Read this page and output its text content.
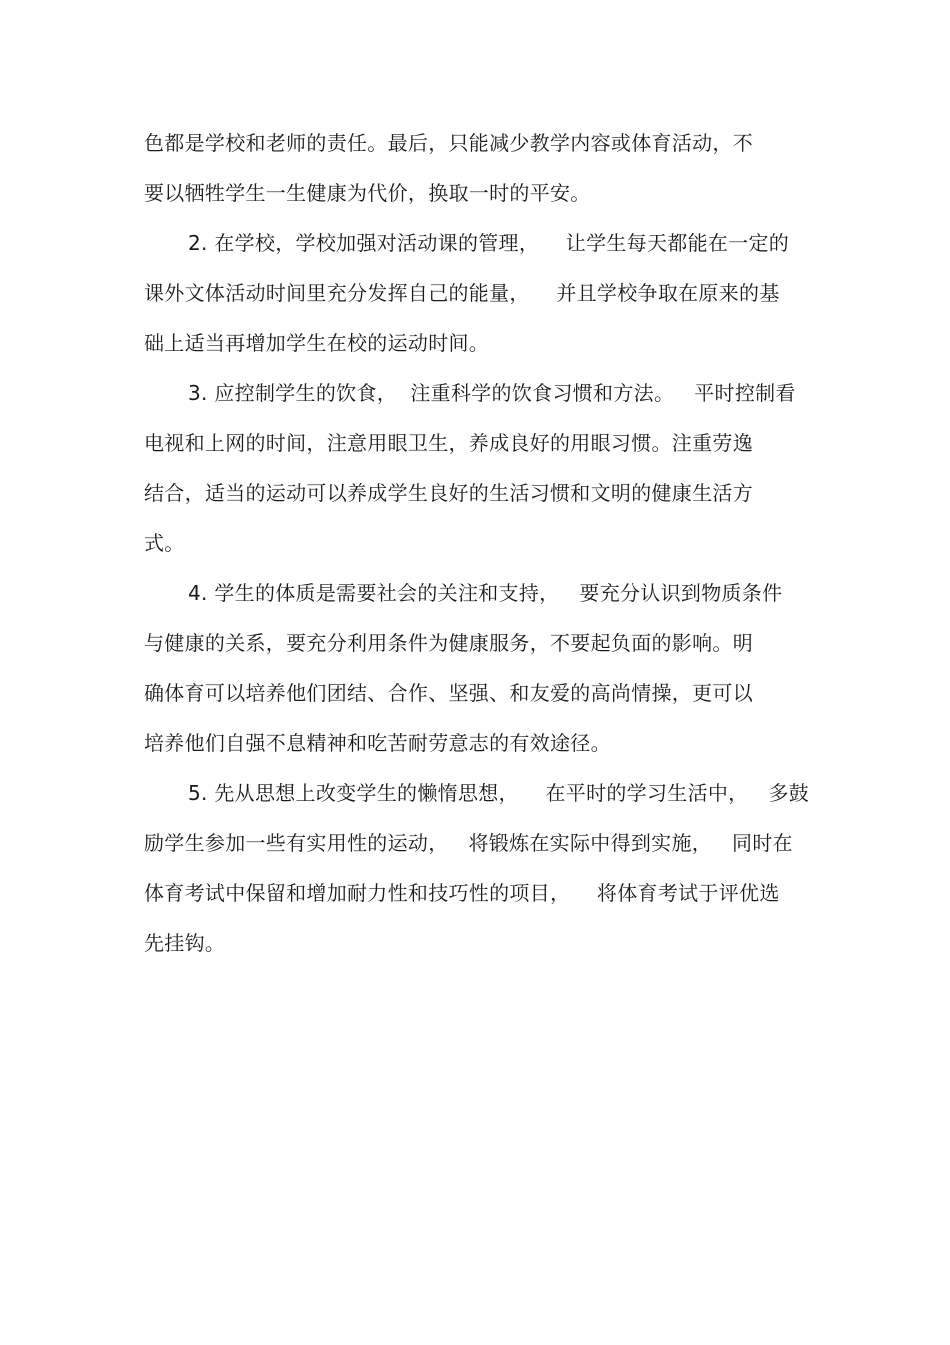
色都是学校和老师的责任。最后，只能减少教学内容或体育活动，不
要以牺牲学生一生健康为代价，换取一时的平安。
2. 在学校，学校加强对活动课的管理，    让学生每天都能在一定的
课外文体活动时间里充分发挥自己的能量，    并且学校争取在原来的基
础上适当再增加学生在校的运动时间。
3. 应控制学生的饮食，  注重科学的饮食习惯和方法。   平时控制看
电视和上网的时间，注意用眼卫生，养成良好的用眼习惯。注重劳逸
结合，适当的运动可以养成学生良好的生活习惯和文明的健康生活方
式。
4. 学生的体质是需要社会的关注和支持，   要充分认识到物质条件
与健康的关系，要充分利用条件为健康服务，不要起负面的影响。明
确体育可以培养他们团结、合作、坚强、和友爱的高尚情操，更可以
培养他们自强不息精神和吃苦耐劳意志的有效途径。
5. 先从思想上改变学生的懒惰思想，    在平时的学习生活中，   多鼓
励学生参加一些有实用性的运动，   将锻炼在实际中得到实施，   同时在
体育考试中保留和增加耐力性和技巧性的项目，    将体育考试于评优选
先挂钩。
